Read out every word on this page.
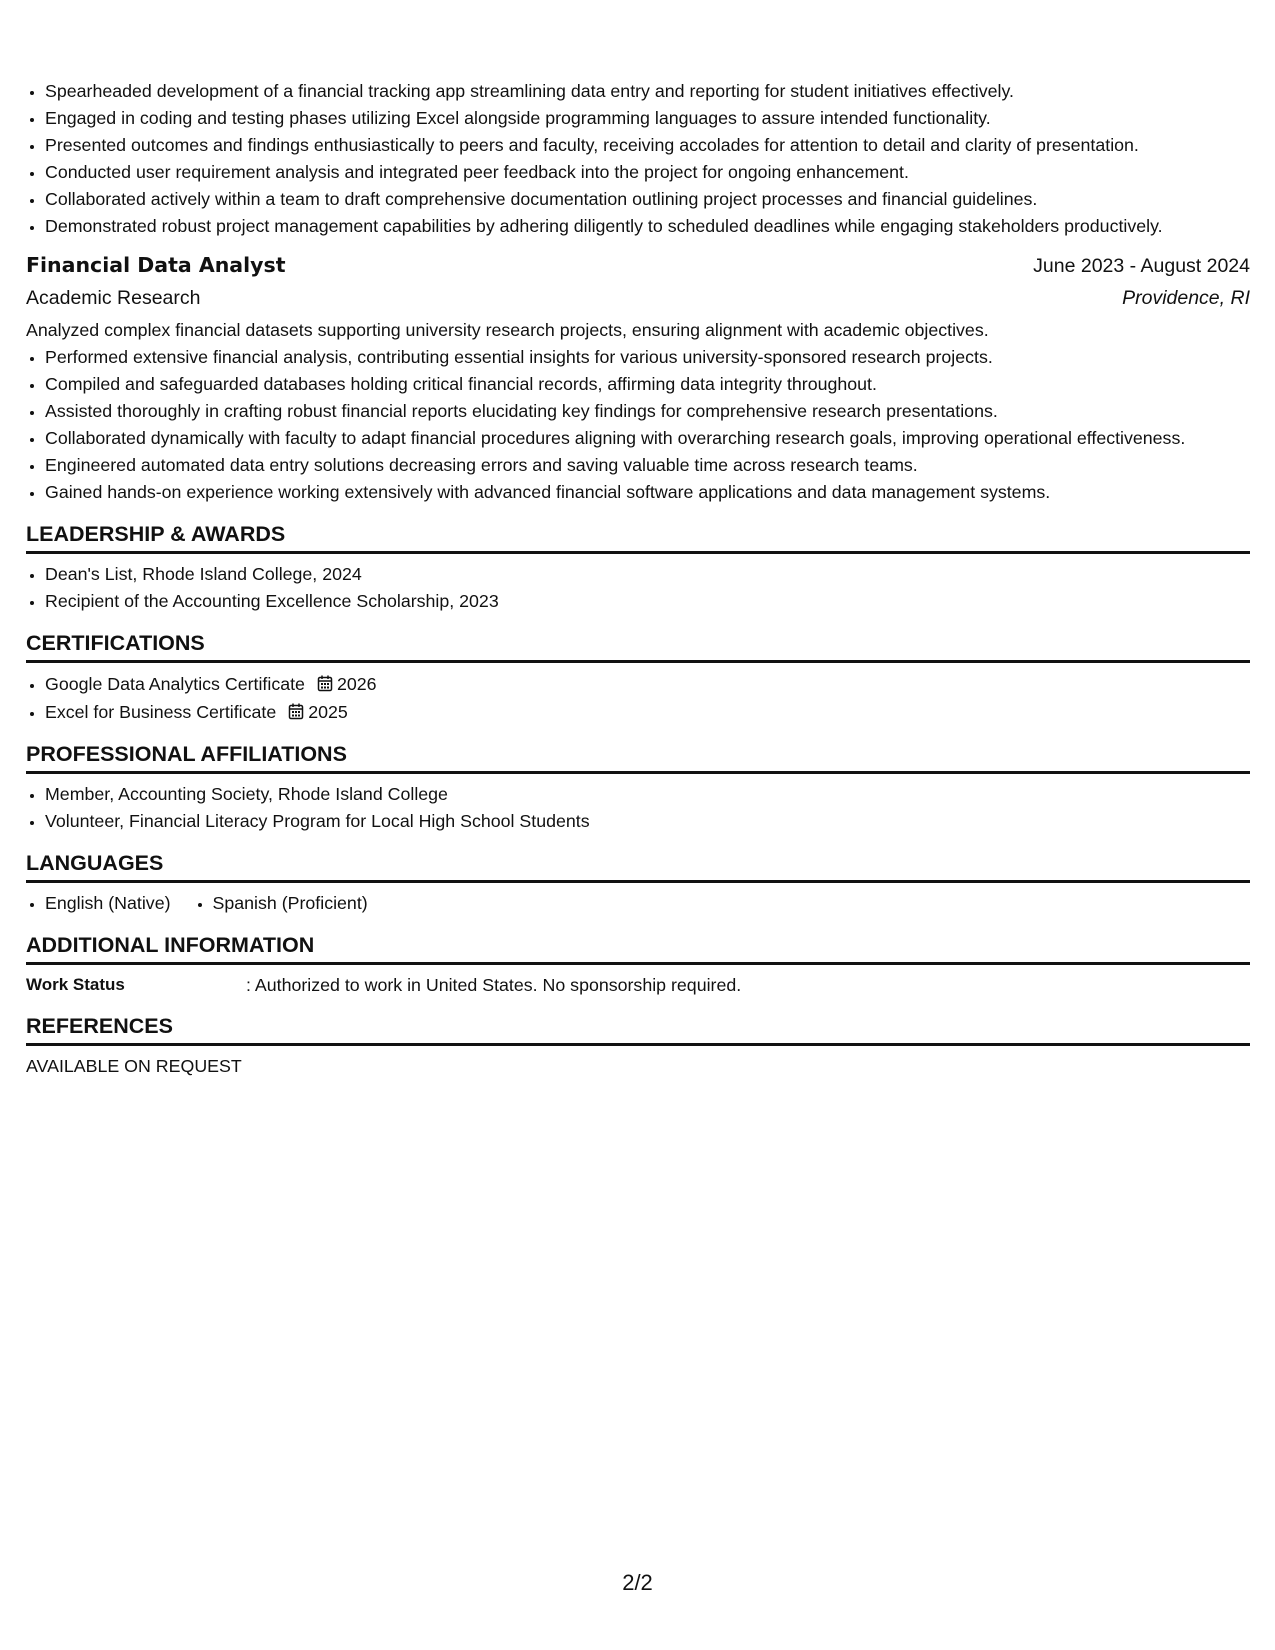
• Spearheaded development of a financial tracking app streamlining data entry and reporting for student initiatives effectively.
• Engaged in coding and testing phases utilizing Excel alongside programming languages to assure intended functionality.
• Presented outcomes and findings enthusiastically to peers and faculty, receiving accolades for attention to detail and clarity of presentation.
• Conducted user requirement analysis and integrated peer feedback into the project for ongoing enhancement.
• Collaborated actively within a team to draft comprehensive documentation outlining project processes and financial guidelines.
• Demonstrated robust project management capabilities by adhering diligently to scheduled deadlines while engaging stakeholders productively.
Financial Data Analyst	June 2023 - August 2024
Academic Research	Providence, RI
Analyzed complex financial datasets supporting university research projects, ensuring alignment with academic objectives.
• Performed extensive financial analysis, contributing essential insights for various university-sponsored research projects.
• Compiled and safeguarded databases holding critical financial records, affirming data integrity throughout.
• Assisted thoroughly in crafting robust financial reports elucidating key findings for comprehensive research presentations.
• Collaborated dynamically with faculty to adapt financial procedures aligning with overarching research goals, improving operational effectiveness.
• Engineered automated data entry solutions decreasing errors and saving valuable time across research teams.
• Gained hands-on experience working extensively with advanced financial software applications and data management systems.
LEADERSHIP & AWARDS
• Dean's List, Rhode Island College, 2024
• Recipient of the Accounting Excellence Scholarship, 2023
CERTIFICATIONS
• Google Data Analytics Certificate 2026
• Excel for Business Certificate 2025
PROFESSIONAL AFFILIATIONS
• Member, Accounting Society, Rhode Island College
• Volunteer, Financial Literacy Program for Local High School Students
LANGUAGES
• English (Native)
• Spanish (Proficient)
ADDITIONAL INFORMATION
Work Status	: Authorized to work in United States. No sponsorship required.
REFERENCES
AVAILABLE ON REQUEST
2/2
